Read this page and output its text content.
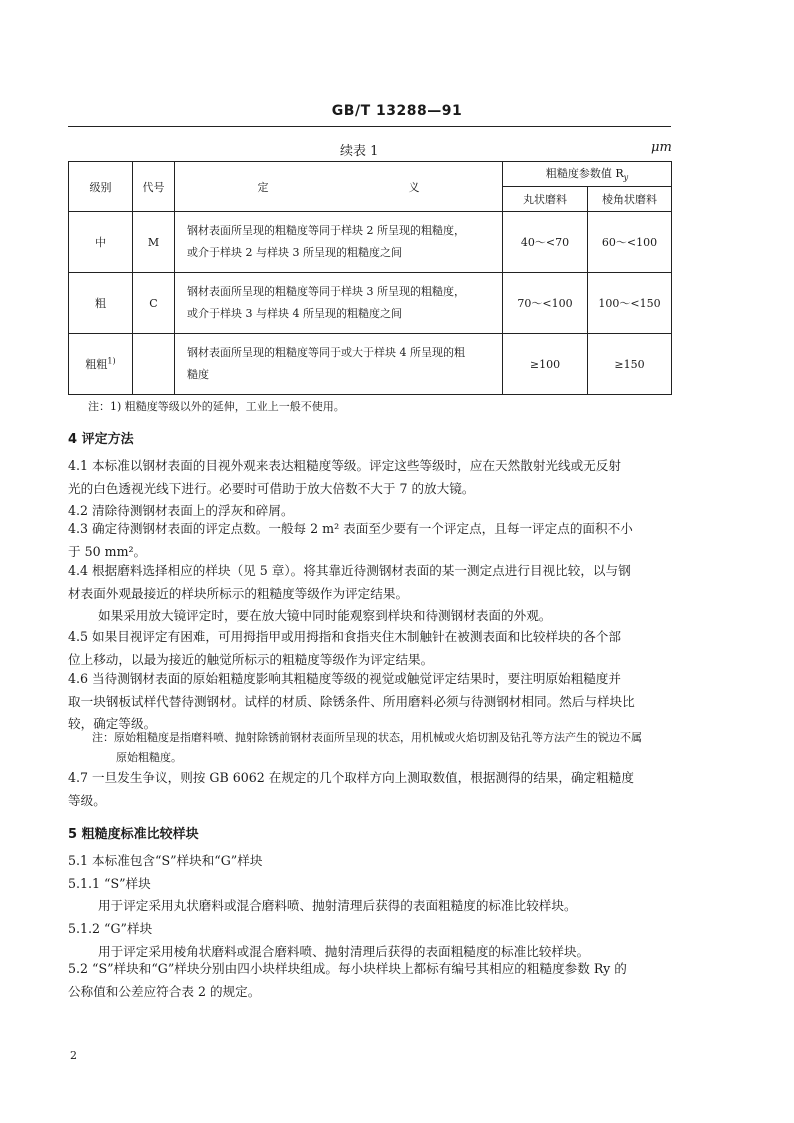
GB/T 13288—91
续表 1	μm
级别	代号	定 义	粗糙度参数值 $R_y$
			丸状磨料	棱角状磨料
中	M	钢材表面所呈现的粗糙度等同于样块 2 所呈现的粗糙度，
或介于样块 2 与样块 3 所呈现的粗糙度之间	40～<70	60～<100
粗	C	钢材表面所呈现的粗糙度等同于样块 3 所呈现的粗糙度，
或介于样块 3 与样块 4 所呈现的粗糙度之间	70～<100	100～<150
粗粗$^{1)}$		钢材表面所呈现的粗糙度等同于或大于样块 4 所呈现的粗
糙度	≥100	≥150
注：1) 粗糙度等级以外的延伸，工业上一般不使用。
4 评定方法
4.1 本标准以钢材表面的目视外观来表达粗糙度等级。评定这些等级时，应在天然散射光线或无反射
光的白色透视光线下进行。必要时可借助于放大倍数不大于 7 的放大镜。
4.2 清除待测钢材表面上的浮灰和碎屑。
4.3 确定待测钢材表面的评定点数。一般每 2 m² 表面至少要有一个评定点，且每一评定点的面积不小
于 50 mm²。
4.4 根据磨料选择相应的样块（见 5 章）。将其靠近待测钢材表面的某一测定点进行目视比较，以与钢
材表面外观最接近的样块所标示的粗糙度等级作为评定结果。
如果采用放大镜评定时，要在放大镜中同时能观察到样块和待测钢材表面的外观。
4.5 如果目视评定有困难，可用拇指甲或用拇指和食指夹住木制触针在被测表面和比较样块的各个部
位上移动，以最为接近的触觉所标示的粗糙度等级作为评定结果。
4.6 当待测钢材表面的原始粗糙度影响其粗糙度等级的视觉或触觉评定结果时，要注明原始粗糙度并
取一块钢板试样代替待测钢材。试样的材质、除锈条件、所用磨料必须与待测钢材相同。然后与样块比
较，确定等级。
注：原始粗糙度是指磨料喷、抛射除锈前钢材表面所呈现的状态，用机械或火焰切割及钻孔等方法产生的锐边不属
原始粗糙度。
4.7 一旦发生争议，则按 GB 6062 在规定的几个取样方向上测取数值，根据测得的结果，确定粗糙度
等级。
5 粗糙度标准比较样块
5.1 本标准包含“S”样块和“G”样块
5.1.1 “S”样块
用于评定采用丸状磨料或混合磨料喷、抛射清理后获得的表面粗糙度的标准比较样块。
5.1.2 “G”样块
用于评定采用棱角状磨料或混合磨料喷、抛射清理后获得的表面粗糙度的标准比较样块。
5.2 “S”样块和“G”样块分别由四小块样块组成。每小块样块上都标有编号其相应的粗糙度参数 Ry 的
公称值和公差应符合表 2 的规定。
2
